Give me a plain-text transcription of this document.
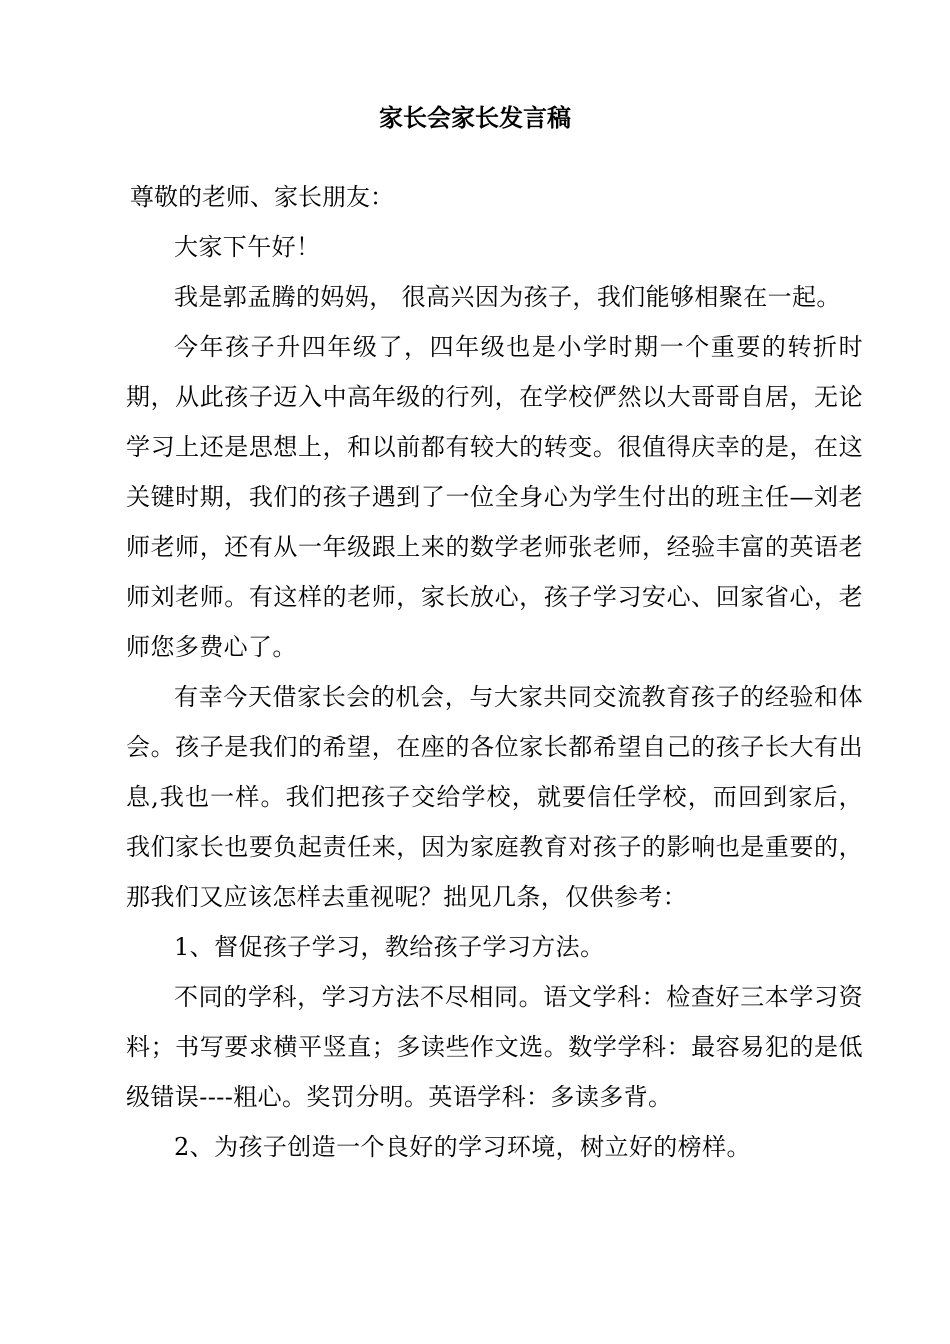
家长会家长发言稿

尊敬的老师、家长朋友：

大家下午好！

我是郭孟腾的妈妈， 很高兴因为孩子，我们能够相聚在一起。

今年孩子升四年级了，四年级也是小学时期一个重要的转折时期，从此孩子迈入中高年级的行列，在学校俨然以大哥哥自居，无论学习上还是思想上，和以前都有较大的转变。很值得庆幸的是，在这关键时期，我们的孩子遇到了一位全身心为学生付出的班主任—刘老师老师，还有从一年级跟上来的数学老师张老师，经验丰富的英语老师刘老师。有这样的老师，家长放心，孩子学习安心、回家省心，老师您多费心了。

有幸今天借家长会的机会，与大家共同交流教育孩子的经验和体会。孩子是我们的希望，在座的各位家长都希望自己的孩子长大有出息,我也一样。我们把孩子交给学校，就要信任学校，而回到家后，我们家长也要负起责任来，因为家庭教育对孩子的影响也是重要的，那我们又应该怎样去重视呢？拙见几条，仅供参考：

1、督促孩子学习，教给孩子学习方法。

不同的学科，学习方法不尽相同。语文学科：检查好三本学习资料；书写要求横平竖直；多读些作文选。数学学科：最容易犯的是低级错误----粗心。奖罚分明。英语学科：多读多背。

2、为孩子创造一个良好的学习环境，树立好的榜样。
